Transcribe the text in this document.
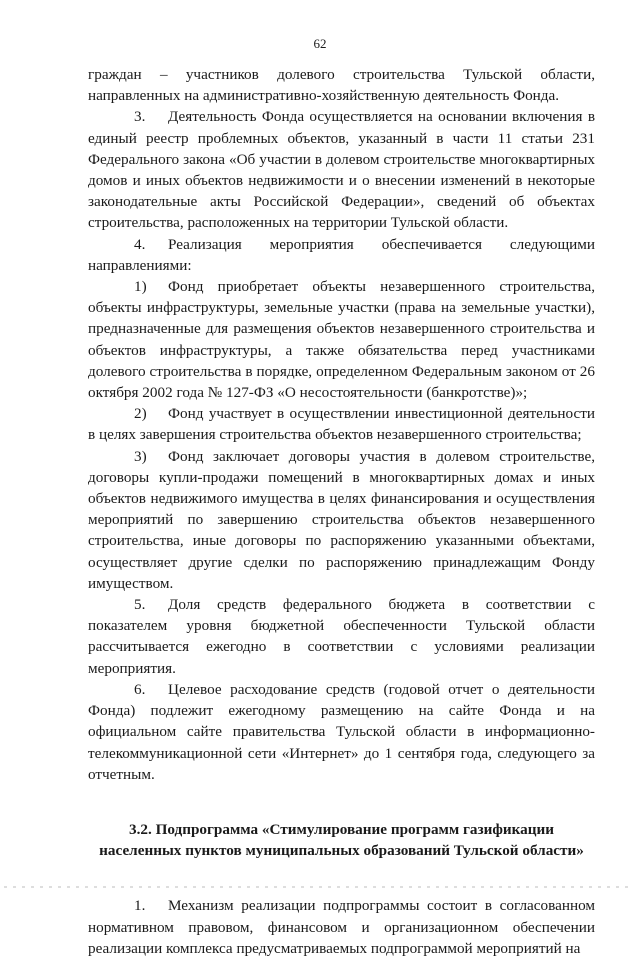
62

граждан – участников долевого строительства Тульской области, направленных на административно-хозяйственную деятельность Фонда.

3. Деятельность Фонда осуществляется на основании включения в единый реестр проблемных объектов, указанный в части 11 статьи 231 Федерального закона «Об участии в долевом строительстве многоквартирных домов и иных объектов недвижимости и о внесении изменений в некоторые законодательные акты Российской Федерации», сведений об объектах строительства, расположенных на территории Тульской области.

4. Реализация мероприятия обеспечивается следующими направлениями:

1) Фонд приобретает объекты незавершенного строительства, объекты инфраструктуры, земельные участки (права на земельные участки), предназначенные для размещения объектов незавершенного строительства и объектов инфраструктуры, а также обязательства перед участниками долевого строительства в порядке, определенном Федеральным законом от 26 октября 2002 года № 127-ФЗ «О несостоятельности (банкротстве)»;

2) Фонд участвует в осуществлении инвестиционной деятельности в целях завершения строительства объектов незавершенного строительства;

3) Фонд заключает договоры участия в долевом строительстве, договоры купли-продажи помещений в многоквартирных домах и иных объектов недвижимого имущества в целях финансирования и осуществления мероприятий по завершению строительства объектов незавершенного строительства, иные договоры по распоряжению указанными объектами, осуществляет другие сделки по распоряжению принадлежащим Фонду имуществом.

5. Доля средств федерального бюджета в соответствии с показателем уровня бюджетной обеспеченности Тульской области рассчитывается ежегодно в соответствии с условиями реализации мероприятия.

6. Целевое расходование средств (годовой отчет о деятельности Фонда) подлежит ежегодному размещению на сайте Фонда и на официальном сайте правительства Тульской области в информационно-телекоммуникационной сети «Интернет» до 1 сентября года, следующего за отчетным.

3.2. Подпрограмма «Стимулирование программ газификации населенных пунктов муниципальных образований Тульской области»

1. Механизм реализации подпрограммы состоит в согласованном нормативном правовом, финансовом и организационном обеспечении реализации комплекса предусматриваемых подпрограммой мероприятий на
